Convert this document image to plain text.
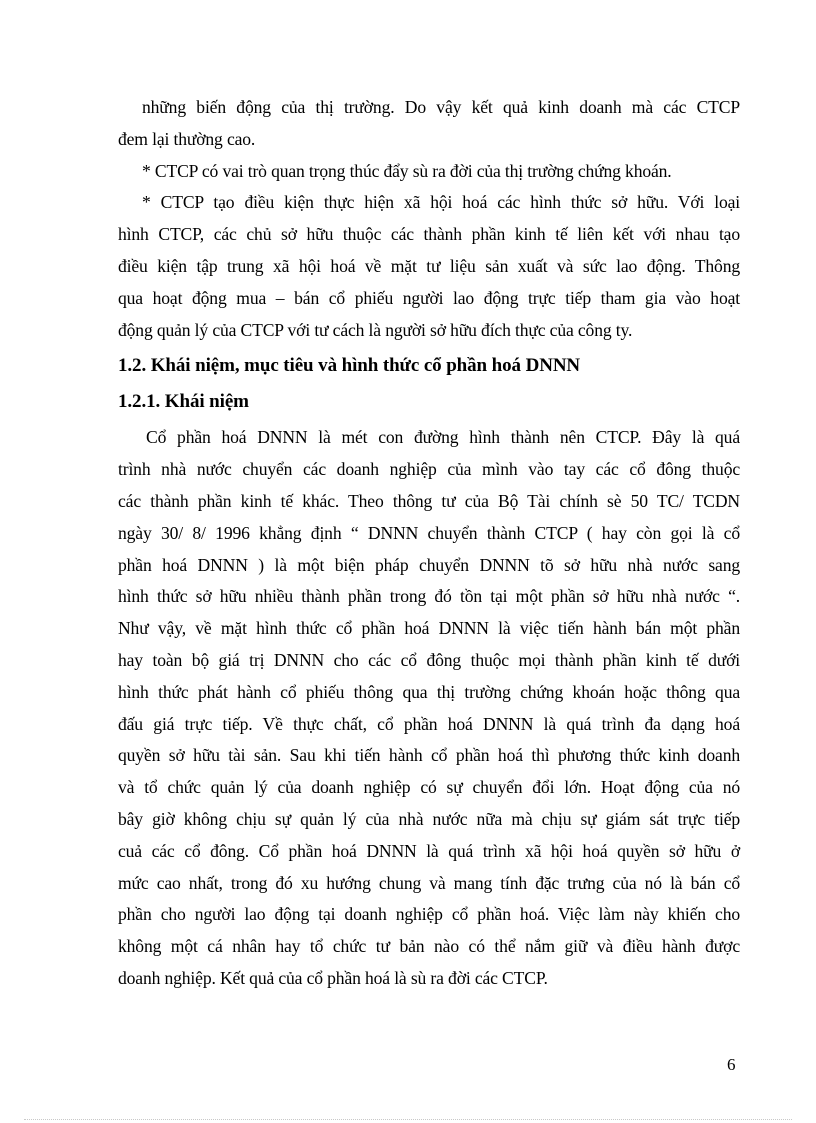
những biến động của thị trường. Do vậy kết quả kinh doanh mà các CTCP
đem lại thường cao.
* CTCP có vai trò quan trọng thúc đẩy sù ra đời của thị trường chứng khoán.
* CTCP tạo điều kiện thực hiện xã hội hoá các hình thức sở hữu. Với loại
hình CTCP, các chủ sở hữu thuộc các thành phần kinh tế liên kết với nhau tạo
điều kiện tập trung xã hội hoá về mặt tư liệu sản xuất và sức lao động. Thông
qua hoạt động mua – bán cổ phiếu người lao động trực tiếp tham gia vào hoạt
động quản lý của CTCP với tư cách là người sở hữu đích thực của công ty.
1.2. Khái niệm, mục tiêu và hình thức cổ phần hoá DNNN
1.2.1. Khái niệm
Cổ phần hoá DNNN là mét con đường hình thành nên CTCP. Đây là quá
trình nhà nước chuyển các doanh nghiệp của mình vào tay các cổ đông thuộc
các thành phần kinh tế khác. Theo thông tư của Bộ Tài chính sè 50 TC/ TCDN
ngày 30/ 8/ 1996 khẳng định “ DNNN chuyển thành CTCP ( hay còn gọi là cổ
phần hoá DNNN ) là một biện pháp chuyển DNNN tõ sở hữu nhà nước sang
hình thức sở hữu nhiều thành phần trong đó tồn tại một phần sở hữu nhà nước “.
Như vậy, về mặt hình thức cổ phần hoá DNNN là việc tiến hành bán một phần
hay toàn bộ giá trị DNNN cho các cổ đông thuộc mọi thành phần kinh tế dưới
hình thức phát hành cổ phiếu thông qua thị trường chứng khoán hoặc thông qua
đấu giá trực tiếp. Về thực chất, cổ phần hoá DNNN là quá trình đa dạng hoá
quyền sở hữu tài sản. Sau khi tiến hành cổ phần hoá thì phương thức kinh doanh
và tổ chức quản lý của doanh nghiệp có sự chuyển đổi lớn. Hoạt động của nó
bây giờ không chịu sự quản lý của nhà nước nữa mà chịu sự giám sát trực tiếp
cuả các cổ đông. Cổ phần hoá DNNN là quá trình xã hội hoá quyền sở hữu ở
mức cao nhất, trong đó xu hướng chung và mang tính đặc trưng của nó là bán cổ
phần cho người lao động tại doanh nghiệp cổ phần hoá. Việc làm này khiến cho
không một cá nhân hay tổ chức tư bản nào có thể nắm giữ và điều hành được
doanh nghiệp. Kết quả của cổ phần hoá là sù ra đời các CTCP.
6
